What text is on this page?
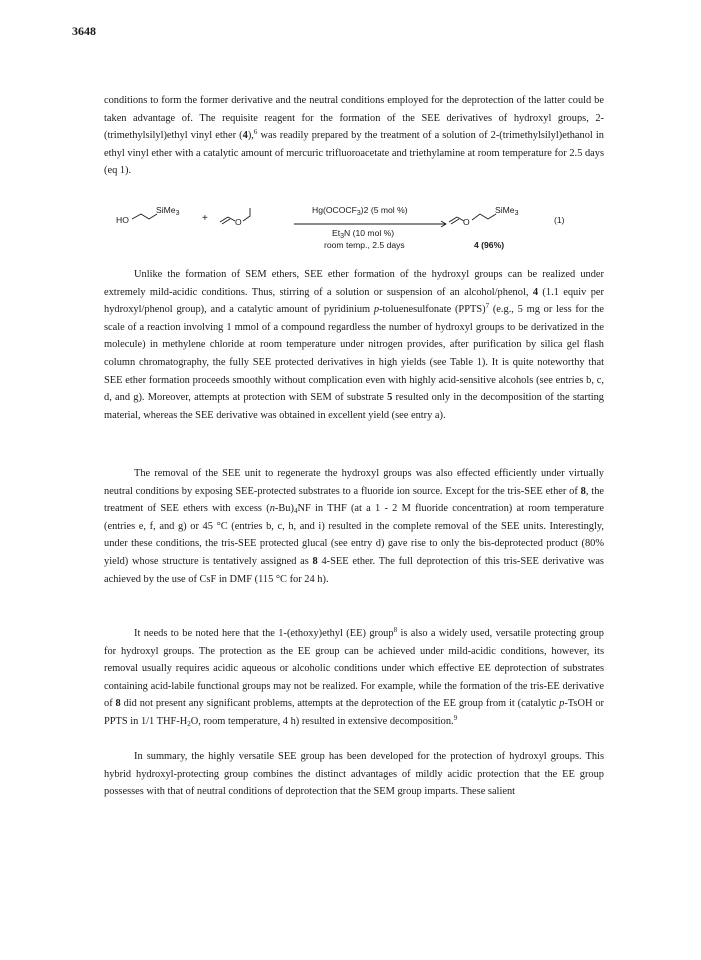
3648

conditions to form the former derivative and the neutral conditions employed for the deprotection of the latter could be taken advantage of. The requisite reagent for the formation of the SEE derivatives of hydroxyl groups, 2-(trimethylsilyl)ethyl vinyl ether (4),$^6$ was readily prepared by the treatment of a solution of 2-(trimethylsilyl)ethanol in ethyl vinyl ether with a catalytic amount of mercuric trifluoroacetate and triethylamine at room temperature for 2.5 days (eq 1).

HO
SiMe$_3$ +	O
$Hg(OCOCF_3)2$ (5 mol %)
$Et_3N$ (10 mol %)
room temp., 2.5 days
O
SiMe$_3$
4 (96%)
(1)

Unlike the formation of SEM ethers, SEE ether formation of the hydroxyl groups can be realized under extremely mild-acidic conditions. Thus, stirring of a solution or suspension of an alcohol/phenol, 4 (1.1 equiv per hydroxyl/phenol group), and a catalytic amount of pyridinium p-toluenesulfonate (PPTS)$^7$ (e.g., 5 mg or less for the scale of a reaction involving 1 mmol of a compound regardless the number of hydroxyl groups to be derivatized in the molecule) in methylene chloride at room temperature under nitrogen provides, after purification by silica gel flash column chromatography, the fully SEE protected derivatives in high yields (see Table 1). It is quite noteworthy that SEE ether formation proceeds smoothly without complication even with highly acid-sensitive alcohols (see entries b, c, d, and g). Moreover, attempts at protection with SEM of substrate 5 resulted only in the decomposition of the starting material, whereas the SEE derivative was obtained in excellent yield (see entry a).

The removal of the SEE unit to regenerate the hydroxyl groups was also effected efficiently under virtually neutral conditions by exposing SEE-protected substrates to a fluoride ion source. Except for the tris-SEE ether of 8, the treatment of SEE ethers with excess $(n-Bu)_4NF$ in THF (at a 1 - 2 M fluoride concentration) at room temperature (entries e, f, and g) or 45 °C (entries b, c, h, and i) resulted in the complete removal of the SEE units. Interestingly, under these conditions, the tris-SEE protected glucal (see entry d) gave rise to only the bis-deprotected product (80% yield) whose structure is tentatively assigned as 8 4-SEE ether. The full deprotection of this tris-SEE derivative was achieved by the use of CsF in DMF (115 °C for 24 h).

It needs to be noted here that the 1-(ethoxy)ethyl (EE) group$^8$ is also a widely used, versatile protecting group for hydroxyl groups. The protection as the EE group can be achieved under mild-acidic conditions, however, its removal usually requires acidic aqueous or alcoholic conditions under which effective EE deprotection of substrates containing acid-labile functional groups may not be realized. For example, while the formation of the tris-EE derivative of 8 did not present any significant problems, attempts at the deprotection of the EE group from it (catalytic p-TsOH or PPTS in 1/1 THF-$H_2O$, room temperature, 4 h) resulted in extensive decomposition.$^9$

In summary, the highly versatile SEE group has been developed for the protection of hydroxyl groups. This hybrid hydroxyl-protecting group combines the distinct advantages of mildly acidic protection that the EE group possesses with that of neutral conditions of deprotection that the SEM group imparts. These salient
